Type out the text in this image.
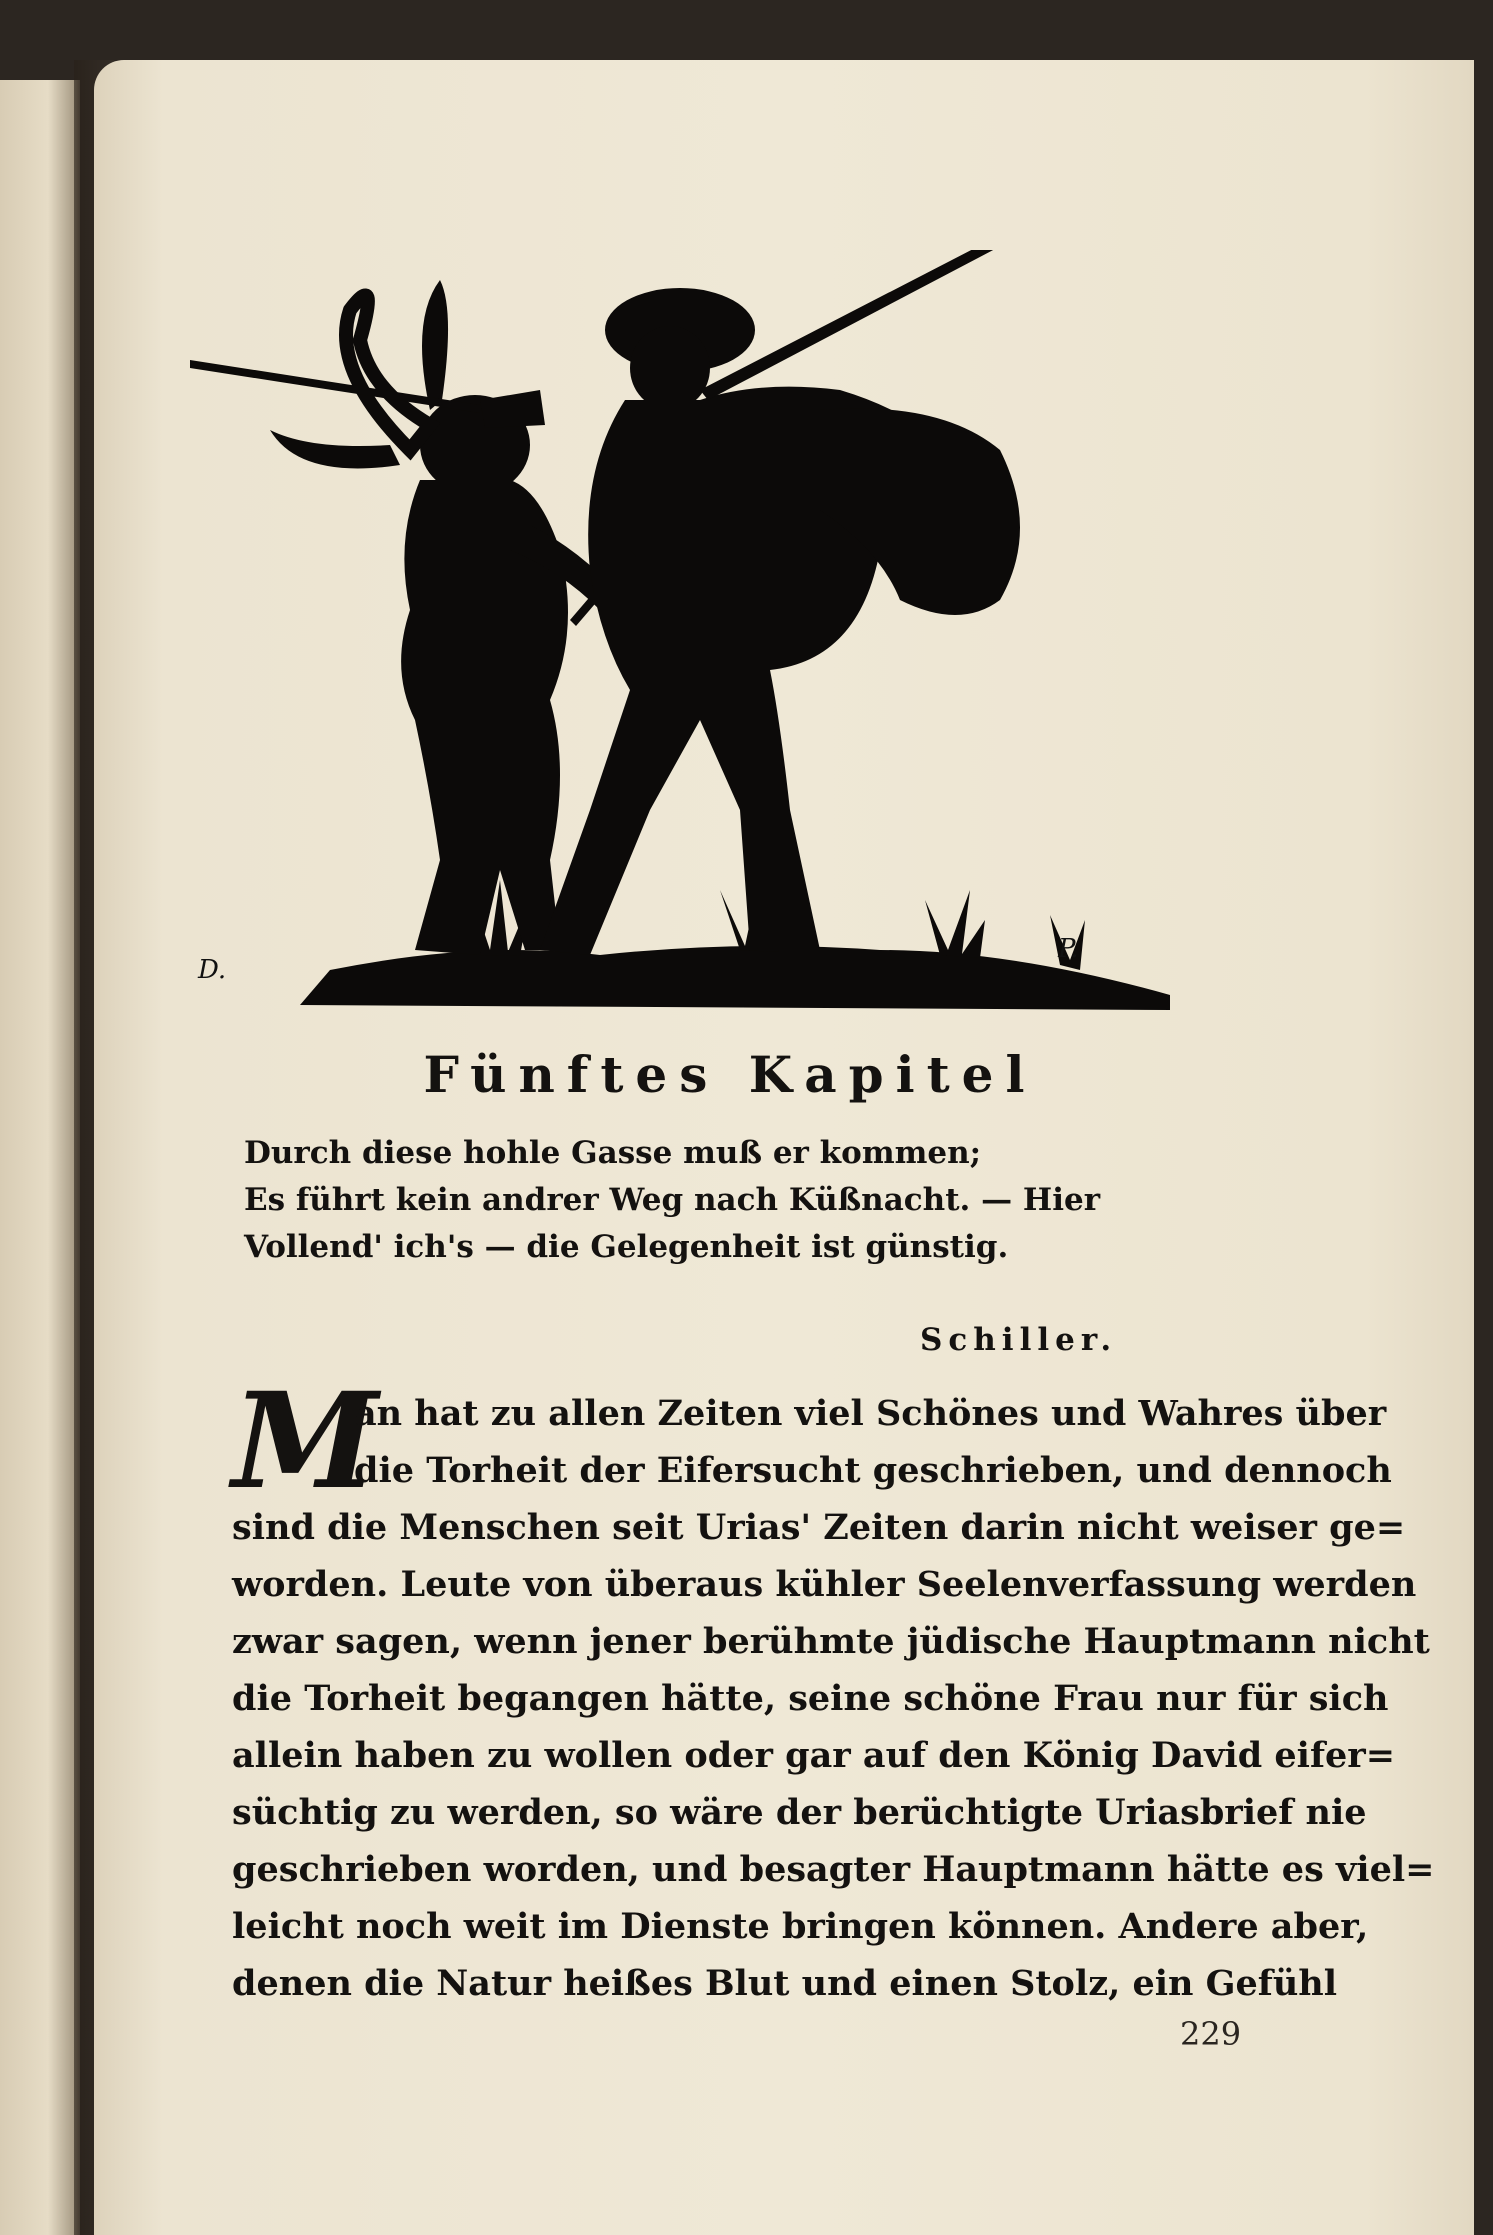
D.
P.
Fünftes Kapitel
Durch diese hohle Gasse muß er kommen;
Es führt kein andrer Weg nach Küßnacht. — Hier
Vollend' ich's — die Gelegenheit ist günstig.
Schiller.
M
an hat zu allen Zeiten viel Schönes und Wahres über
die Torheit der Eifersucht geschrieben, und dennoch
sind die Menschen seit Urias' Zeiten darin nicht weiser ge=
worden. Leute von überaus kühler Seelenverfassung werden
zwar sagen, wenn jener berühmte jüdische Hauptmann nicht
die Torheit begangen hätte, seine schöne Frau nur für sich
allein haben zu wollen oder gar auf den König David eifer=
süchtig zu werden, so wäre der berüchtigte Uriasbrief nie
geschrieben worden, und besagter Hauptmann hätte es viel=
leicht noch weit im Dienste bringen können. Andere aber,
denen die Natur heißes Blut und einen Stolz, ein Gefühl
229
